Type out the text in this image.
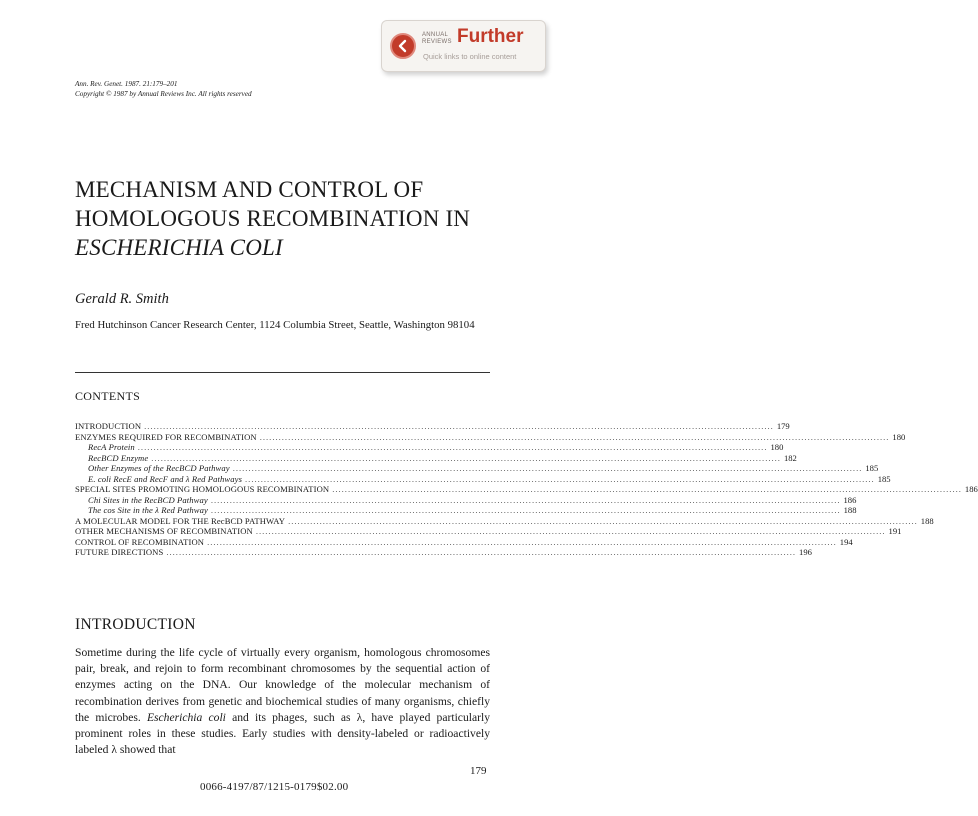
ANNUAL
REVIEWS Further
Quick links to online content
Ann. Rev. Genet. 1987. 21:179–201
Copyright © 1987 by Annual Reviews Inc. All rights reserved
MECHANISM AND CONTROL OF
HOMOLOGOUS RECOMBINATION IN
ESCHERICHIA COLI
Gerald R. Smith
Fred Hutchinson Cancer Research Center, 1124 Columbia Street, Seattle, Washington 98104
CONTENTS
INTRODUCTION ........................................................................................................................................................................................................ 179
ENZYMES REQUIRED FOR RECOMBINATION ........................................................................................................................................................................................................ 180
RecA Protein ........................................................................................................................................................................................................ 180
RecBCD Enzyme ........................................................................................................................................................................................................ 182
Other Enzymes of the RecBCD Pathway ........................................................................................................................................................................................................ 185
E. coli RecE and RecF and λ Red Pathways ........................................................................................................................................................................................................ 185
SPECIAL SITES PROMOTING HOMOLOGOUS RECOMBINATION ........................................................................................................................................................................................................ 186
Chi Sites in the RecBCD Pathway ........................................................................................................................................................................................................ 186
The cos Site in the λ Red Pathway ........................................................................................................................................................................................................ 188
A MOLECULAR MODEL FOR THE RecBCD PATHWAY ........................................................................................................................................................................................................ 188
OTHER MECHANISMS OF RECOMBINATION ........................................................................................................................................................................................................ 191
CONTROL OF RECOMBINATION ........................................................................................................................................................................................................ 194
FUTURE DIRECTIONS ........................................................................................................................................................................................................ 196
INTRODUCTION
Sometime during the life cycle of virtually every organism, homologous chromosomes pair, break, and rejoin to form recombinant chromosomes by the sequential action of enzymes acting on the DNA. Our knowledge of the molecular mechanism of recombination derives from genetic and biochemical studies of many organisms, chiefly the microbes. Escherichia coli and its phages, such as λ, have played particularly prominent roles in these studies. Early studies with density-labeled or radioactively labeled λ showed that
179
0066-4197/87/1215-0179$02.00
